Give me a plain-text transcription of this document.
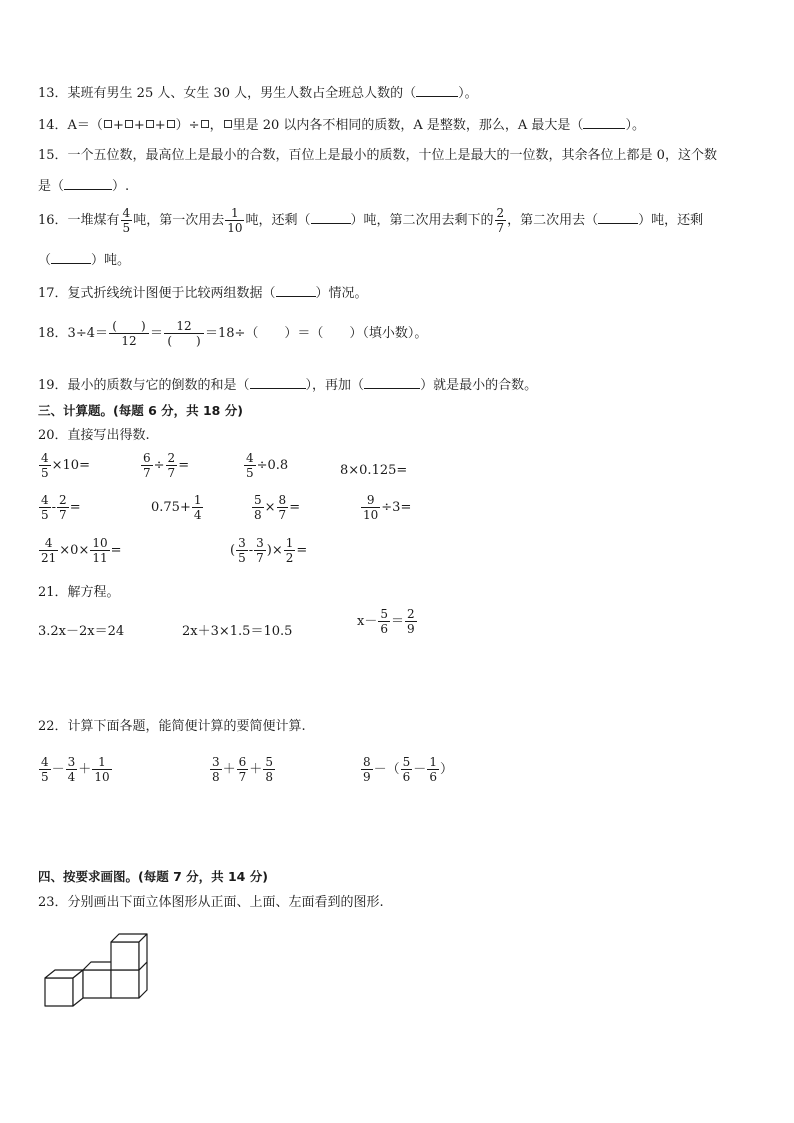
13．某班有男生 25 人、女生 30 人，男生人数占全班总人数的（	）。
14．A＝（ + + + ）÷ ， 里是 20 以内各不相同的质数，A 是整数，那么，A 最大是（	）。
15．一个五位数，最高位上是最小的合数，百位上是最小的质数，十位上是最大的一位数，其余各位上都是 0，这个数
是（	）.
16．一堆煤有 $\frac{4}{5}$ 吨，第一次用去 $\frac{1}{10}$ 吨，还剩（	）吨，第二次用去剩下的 $\frac{2}{7}$ ，第二次用去（	）吨，还剩
（	）吨。
17．复式折线统计图便于比较两组数据（	）情况。
18．3÷4＝ (　　)
12	＝	12
(　　) ＝18÷（　　）＝（　　）（填小数）。
19．最小的质数与它的倒数的和是（	），再加（	）就是最小的合数。
三、计算题。(每题 6 分，共 18 分)
20．直接写出得数.
$\frac{4}{5} \times 10=$	$\frac{6}{7} \div \frac{2}{7}$ =	$\frac{4}{5} \div 0.8$	8×0.125=
$\frac{4}{5} - \frac{2}{7}$ =	$0.75+ \frac{1}{4}$	$\frac{5}{8} \times \frac{8}{7}$ =	$\frac{9}{10} \div 3=$
$\frac{4}{21} \times 0\times \frac{10}{11}$ =	( $\frac{3}{5} - \frac{3}{7}$ )× $\frac{1}{2}$ =
21．解方程。
3.2x－2x＝24	2x＋3×1.5＝10.5
$x- \frac{5}{6} = \frac{2}{9}$
22．计算下面各题，能简便计算的要简便计算.
$\frac{4}{5} - \frac{3}{4} + \frac{1}{10}$	$\frac{3}{8} + \frac{6}{7} + \frac{5}{8}$	$\frac{8}{9}$ －（ $\frac{5}{6} - \frac{1}{6}$ ）
四、按要求画图。(每题 7 分，共 14 分)
23．分别画出下面立体图形从正面、上面、左面看到的图形.
